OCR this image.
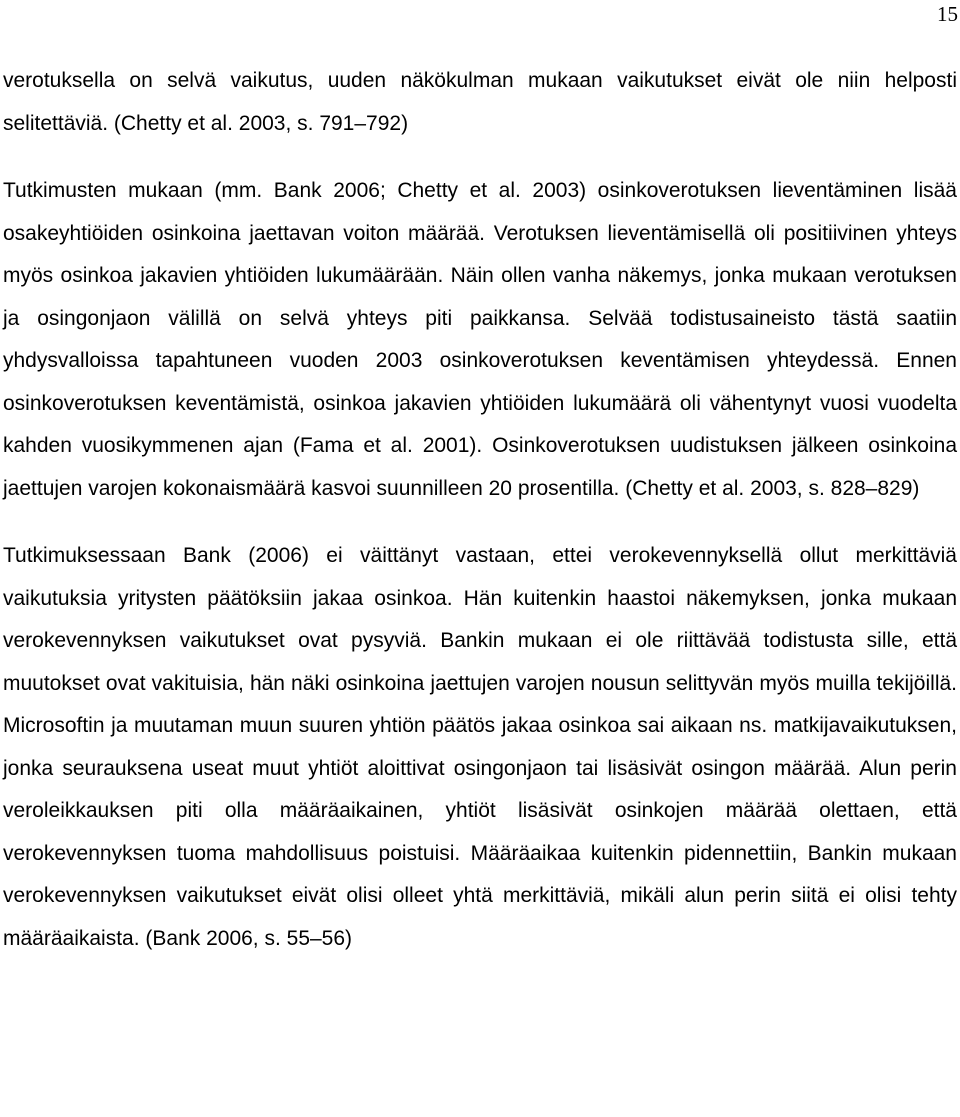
15

verotuksella on selvä vaikutus, uuden näkökulman mukaan vaikutukset eivät ole niin helposti selitettäviä. (Chetty et al. 2003, s. 791–792)

Tutkimusten mukaan (mm. Bank 2006; Chetty et al. 2003) osinkoverotuksen lieventäminen lisää osakeyhtiöiden osinkoina jaettavan voiton määrää. Verotuksen lieventämisellä oli positiivinen yhteys myös osinkoa jakavien yhtiöiden lukumäärään. Näin ollen vanha näkemys, jonka mukaan verotuksen ja osingonjaon välillä on selvä yhteys piti paikkansa. Selvää todistusaineisto tästä saatiin yhdysvalloissa tapahtuneen vuoden 2003 osinkoverotuksen keventämisen yhteydessä. Ennen osinkoverotuksen keventämistä, osinkoa jakavien yhtiöiden lukumäärä oli vähentynyt vuosi vuodelta kahden vuosikymmenen ajan (Fama et al. 2001). Osinkoverotuksen uudistuksen jälkeen osinkoina jaettujen varojen kokonaismäärä kasvoi suunnilleen 20 prosentilla. (Chetty et al. 2003, s. 828–829)

Tutkimuksessaan Bank (2006) ei väittänyt vastaan, ettei verokevennyksellä ollut merkittäviä vaikutuksia yritysten päätöksiin jakaa osinkoa. Hän kuitenkin haastoi näkemyksen, jonka mukaan verokevennyksen vaikutukset ovat pysyviä. Bankin mukaan ei ole riittävää todistusta sille, että muutokset ovat vakituisia, hän näki osinkoina jaettujen varojen nousun selittyvän myös muilla tekijöillä. Microsoftin ja muutaman muun suuren yhtiön päätös jakaa osinkoa sai aikaan ns. matkijavaikutuksen, jonka seurauksena useat muut yhtiöt aloittivat osingonjaon tai lisäsivät osingon määrää. Alun perin veroleikkauksen piti olla määräaikainen, yhtiöt lisäsivät osinkojen määrää olettaen, että verokevennyksen tuoma mahdollisuus poistuisi. Määräaikaa kuitenkin pidennettiin, Bankin mukaan verokevennyksen vaikutukset eivät olisi olleet yhtä merkittäviä, mikäli alun perin siitä ei olisi tehty määräaikaista. (Bank 2006, s. 55–56)
